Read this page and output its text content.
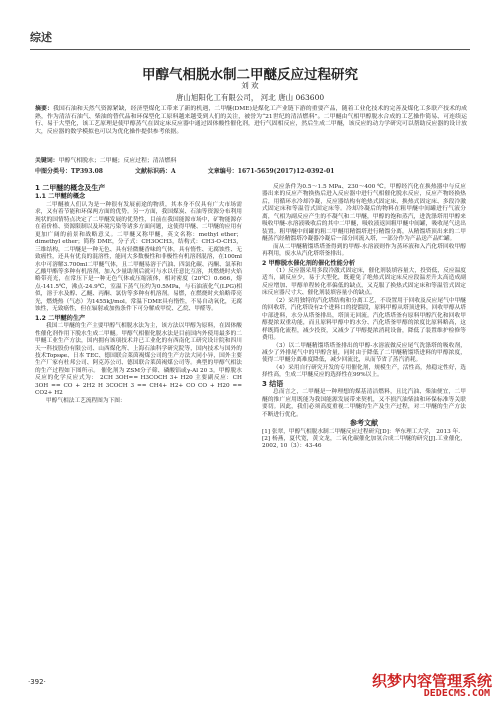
综述
甲醇气相脱水制二甲醚反应过程研究
刘 欢
唐山旭阳化工有限公司， 河北 唐山 063600
摘要：我国石油和天然气资源紧缺，经济型煤化工带来了新的机遇，二甲醚(DME)是煤化工产业链下游的重要产品，随着工业化技术的完善及煤化工多联产技术的成熟，作为清洁石油气、柴油的替代品和环保型化工原料越来越受到人们的关注，被誉为“21世纪的清洁燃料”。二甲醚由气相甲醇脱水合成的工艺操作简易、可连续运行、易于大型化，该工艺原理是使甲醇蒸气在固定床反应器中通过固体酸性催化剂，进行气固相反应，然后生成二甲醚，该反应的动力学研究可以帮助反应器的设计放大，反应器的数学模拟也可以为优化操作提供参考依据。
关键词：甲醇气相脱水；二甲醚；反应过程；清洁燃料
中图分类号：TP393.08	文献标识码：A	文章编号：1671-5659(2017)12-0392-01
1 二甲醚的概念及生产
1.1 二甲醚的概念

二甲醚被人们认为是一种很有发展前途的物质，其本身不仅具有广大市场需求，又有着节能和环保两方面的优势。另一方面，我国煤炭、石油等资源分布利用现状的国情特点决定了二甲醚发展的优势性，目前在我国能源市场中，矿物能源存在着价格、资源限制以及环境污染等诸多方面问题，这使得甲醚、二甲醚的应用有更加广阔的前景和战略意义。二甲醚又称甲醚，英文名称：methyl ether；dimethyl ether；简称 DME，分子式：CH3OCH3，结构式：CH3-O-CH3，三维结构，二甲醚是一种无色、具有轻微醚香味的气体，具有惰性、无腐蚀性、无致癌性，还具有优良的混溶性，能同大多数极性和非极性有机溶剂混溶，在100ml水中可溶解3.700ml二甲醚气体，且二甲醚易溶于汽油、四氯化碳、丙酮、氯苯和乙酸甲酯等多种有机溶剂，加入少量助剂后就可与水以任意比互溶，其燃烧时火焰略带亮光，在常压下是一种无色气体或压缩液体，相对密度（20℃）0.666，熔点-141.5℃，沸点-24.9℃，室温下蒸气压约为0.5MPa，与石油液化气(LPG)相似，溶于水及醇、乙醚、丙酮、氯仿等多种有机溶剂。易燃，在燃烧时火焰略带亮光，燃烧热（气态）为1455kJ/mol。常温下DME具有惰性，不易自动氧化，无腐蚀性，无致癌性，但在辐射或加热条件下可分解成甲烷、乙烷、甲醛等。

1.2 二甲醚的生产

我国二甲醚的生产主要甲醇气相脱水法为主，该方法以甲醇为原料，在固体酸性催化剂作用下脱水生成二甲醚。甲醇气相催化脱水法是目前国内外使用最多的二甲醚工业生产方法，国内拥有该项技术并已工业化的有西南化工研究设计院和四川天一科技股份有限公司、山西煤化所、上海石油科学研究院等，国内技术与国外的技术Topsφe、日本 TEC、德国联合莱茵褐煤公司的生产方法大同小异，国外主要生产厂家有杜邦公司、阿克苏公司、德国联合莱茵褐煤公司等。典型的甲醇气相法的生产过程如下图所示。 催化剂为 ZSM分子筛、磷酸铝或γ-Al 20 3。甲醇脱水反应的化学反应式为： 2CH 3OH== H3COCH 3+ H20 主要副反应：CH 3OH == CO + 2H2 H 3COCH 3 == CH4+ H2+ CO CO + H20 == CO2+ H2

甲醇气相法工艺流程图为下图：

反应条件为0.5～1.5 MPa、230～400 ℃。甲醇经汽化在换热器中与反应器出来的反应产物换热后进入反应器中进行气相催化脱水反应，反应产物经换热后，用循环水冷却冷凝，反应器结构有绝热式固定床、换热式固定床、多段冷激式固定床和等温管式固定床等。冷却冷凝后的物料在粗甲醚中间罐进行气液分离，气相为副反应产生的不凝气和二甲醚，甲醇的饱和蒸汽，进洗涤塔用甲醇来吸收甲醚-水溶液吸收后的其中二甲醚，吸收液返回粗甲醚中间罐，吸收尾气送出装置。粗甲醚中间罐的粗二甲醚用精馏塔进行精馏分离，从精馏塔顶出来的二甲醚蒸汽经精馏塔冷凝器冷凝后一部分回流入塔，一部分作为产品送产品贮罐。

而从二甲醚精馏塔塔釜得到的甲醇-水溶液则作为蒸环液和入汽化塔回收甲醇再利用，废水从汽化塔塔釜排出。

2 甲醇脱水催化剂的催化性能分析

（1）反应器采用多段冷激式固定床，催化剂装填容量大，投资低，反应温度适当，副反应少，易于大型化，既避免了绝热式固定床反应段温差升太高造成副反应增加、甲醇单程转化率偏低的缺点，又克服了换热式固定床和等温管式固定床反应器尺寸大、催化剂装填容量小的缺点。

（2）采用独特的汽化塔结构和分离工艺，不设置用于回收及反应尾气中甲醚的回收塔，汽化塔设有2个进料口的提馏段，原料甲醇从塔顶进料，回收甲醇从塔中部进料，水分从塔釜排出，塔顶无回流。汽化塔塔釜有原料甲醇汽化和回收甲醇提浓双重功能，而且原料甲醇中的水分、汽化塔釜甲醇的浓度比原料略高，这样既简化流程，减少投资，又减少了甲醇提浓消耗设备，降低了装置维护检修等费用。

（3）以二甲醚精馏塔塔釜排出的甲醇-水溶液做反应尾气洗涤塔的吸收剂，减少了外排尾气中的甲醇含量，同时由于降低了二甲醚精馏塔进料的甲醇浓度，使得二甲醚分离难度降低，减少回流比，从而节省了蒸汽消耗。

（4）采用自行研究开发的专用催化剂，规模生产，活性高，热稳定性好，选择性高，生成二甲醚反应的选择性在99%以上。

3 结语

总而言之，二甲醚是一种理想的煤基清洁燃料，且比汽油、柴油便宜，二甲醚的推广应用既能为我国能源发展带来契机，又不损汽油柴油和环保标准等关联要切。因此，我们必须高度重视二甲醚的生产及生产过程，对二甲醚的生产方法不断进行优化。

参考文献

[1] 张翠，甲醇气相脱水制二甲醚反应过程研究[D]：华东理工大学， 2013 年.

[2] 杨燕，夏代宽，黄文龙，二氧化碳催化加氢合成二甲醚的研究[J].工业催化， 2002, 10（3）：43-46

·392·	织梦内容管理系统
DEDECMS.COM
